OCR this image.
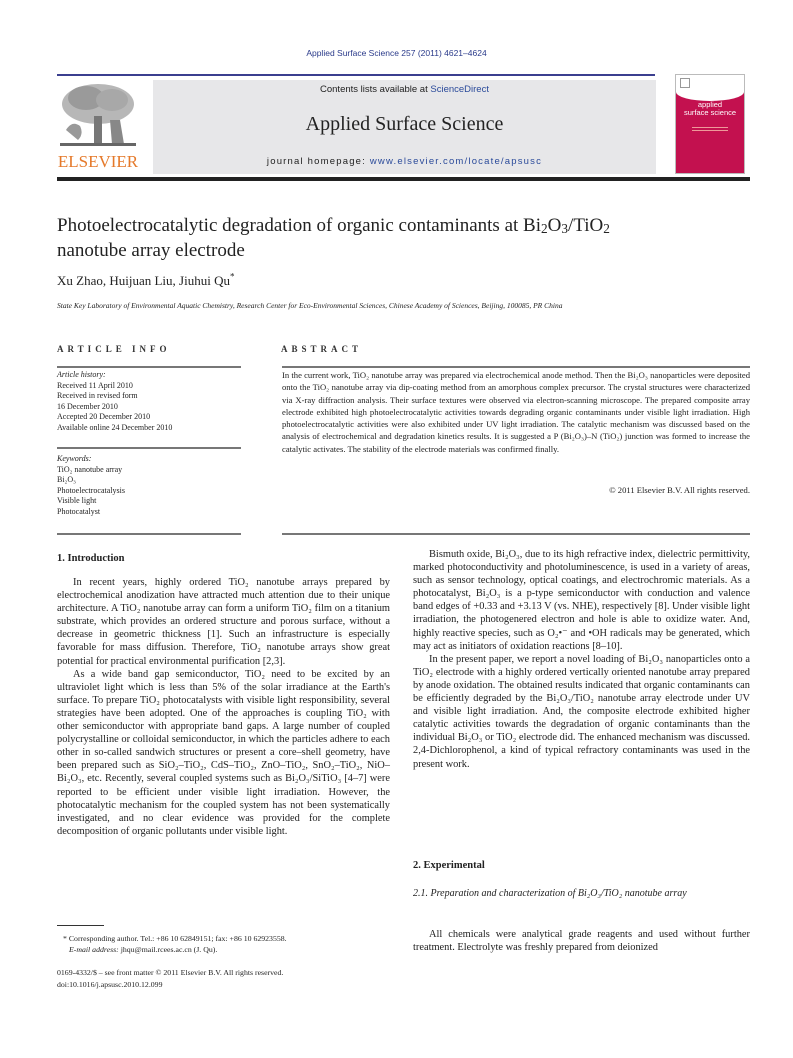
Applied Surface Science 257 (2011) 4621–4624
ELSEVIER
Contents lists available at ScienceDirect
Applied Surface Science
journal homepage: www.elsevier.com/locate/apsusc
applied
surface science
Photoelectrocatalytic degradation of organic contaminants at $Bi_2O_3/TiO_2$
nanotube array electrode
Xu Zhao, Huijuan Liu, Jiuhui Qu*
State Key Laboratory of Environmental Aquatic Chemistry, Research Center for Eco-Environmental Sciences, Chinese Academy of Sciences, Beijing, 100085, PR China
ARTICLE INFO	ABSTRACT
Article history:
Received 11 April 2010
Received in revised form
16 December 2010
Accepted 20 December 2010
Available online 24 December 2010
Keywords:
TiO₂ nanotube array
Bi₂O₃
Photoelectrocatalysis
Visible light
Photocatalyst
In the current work, TiO₂ nanotube array was prepared via electrochemical anode method. Then the Bi₂O₃ nanoparticles were deposited onto the TiO₂ nanotube array via dip-coating method from an amorphous complex precursor. The crystal structures were characterized via X-ray diffraction analysis. Their surface textures were observed via electron-scanning microscope. The prepared composite array electrode exhibited high photoelectrocatalytic activities towards degrading organic contaminants under visible light irradiation. High photoelectrocatalytic activities were also exhibited under UV light irradiation. The catalytic mechanism was discussed based on the analysis of electrochemical and degradation kinetics results. It is suggested a P (Bi₂O₃)–N (TiO₂) junction was formed to increase the catalytic activates. The stability of the electrode materials was confirmed finally.
© 2011 Elsevier B.V. All rights reserved.
1. Introduction

In recent years, highly ordered TiO₂ nanotube arrays prepared by electrochemical anodization have attracted much attention due to their unique architecture. A TiO₂ nanotube array can form a uniform TiO₂ film on a titanium substrate, which provides an ordered structure and porous surface, without a decrease in geometric thickness [1]. Such an infrastructure is especially favorable for mass diffusion. Therefore, TiO₂ nanotube arrays show great potential for practical environmental purification [2,3].

As a wide band gap semiconductor, TiO₂ need to be excited by an ultraviolet light which is less than 5% of the solar irradiance at the Earth's surface. To prepare TiO₂ photocatalysts with visible light responsibility, several strategies have been adopted. One of the approaches is coupling TiO₂ with other semiconductor with appropriate band gaps. A large number of coupled polycrystalline or colloidal semiconductor, in which the particles adhere to each other in so-called sandwich structures or present a core–shell geometry, have been prepared such as SiO₂–TiO₂, CdS–TiO₂, ZnO–TiO₂, SnO₂–TiO₂, NiO–Bi₂O₃, etc. Recently, several coupled systems such as Bi₂O₃/SiTiO₃ [4–7] were reported to be efficient under visible light irradiation. However, the photocatalytic mechanism for the coupled system has not been systematically investigated, and no clear evidence was provided for the complete decomposition of organic pollutants under visible light.

Bismuth oxide, Bi₂O₃, due to its high refractive index, dielectric permittivity, marked photoconductivity and photoluminescence, is used in a variety of areas, such as sensor technology, optical coatings, and electrochromic materials. As a photocatalyst, Bi₂O₃ is a p-type semiconductor with conduction and valence band edges of +0.33 and +3.13 V (vs. NHE), respectively [8]. Under visible light irradiation, the photogenered electron and hole is able to oxidize water. And, highly reactive species, such as O₂•⁻ and •OH radicals may be generated, which may act as initiators of oxidation reactions [8–10].

In the present paper, we report a novel loading of Bi₂O₃ nanoparticles onto a TiO₂ electrode with a highly ordered vertically oriented nanotube array prepared by anode oxidation. The obtained results indicated that organic contaminants can be efficiently degraded by the Bi₂O₃/TiO₂ nanotube array electrode under UV and visible light irradiation. And, the composite electrode exhibited higher catalytic activities towards the degradation of organic contaminants than the individual Bi₂O₃ or TiO₂ electrode did. The enhanced mechanism was discussed. 2,4-Dichlorophenol, a kind of typical refractory contaminants was used in the present work.

2. Experimental
2.1. Preparation and characterization of Bi₂O₃/TiO₂ nanotube array

All chemicals were analytical grade reagents and used without further treatment. Electrolyte was freshly prepared from deionized

* Corresponding author. Tel.: +86 10 62849151; fax: +86 10 62923558.
E-mail address: jhqu@mail.rcees.ac.cn (J. Qu).
0169-4332/$ – see front matter © 2011 Elsevier B.V. All rights reserved.
doi:10.1016/j.apsusc.2010.12.099
